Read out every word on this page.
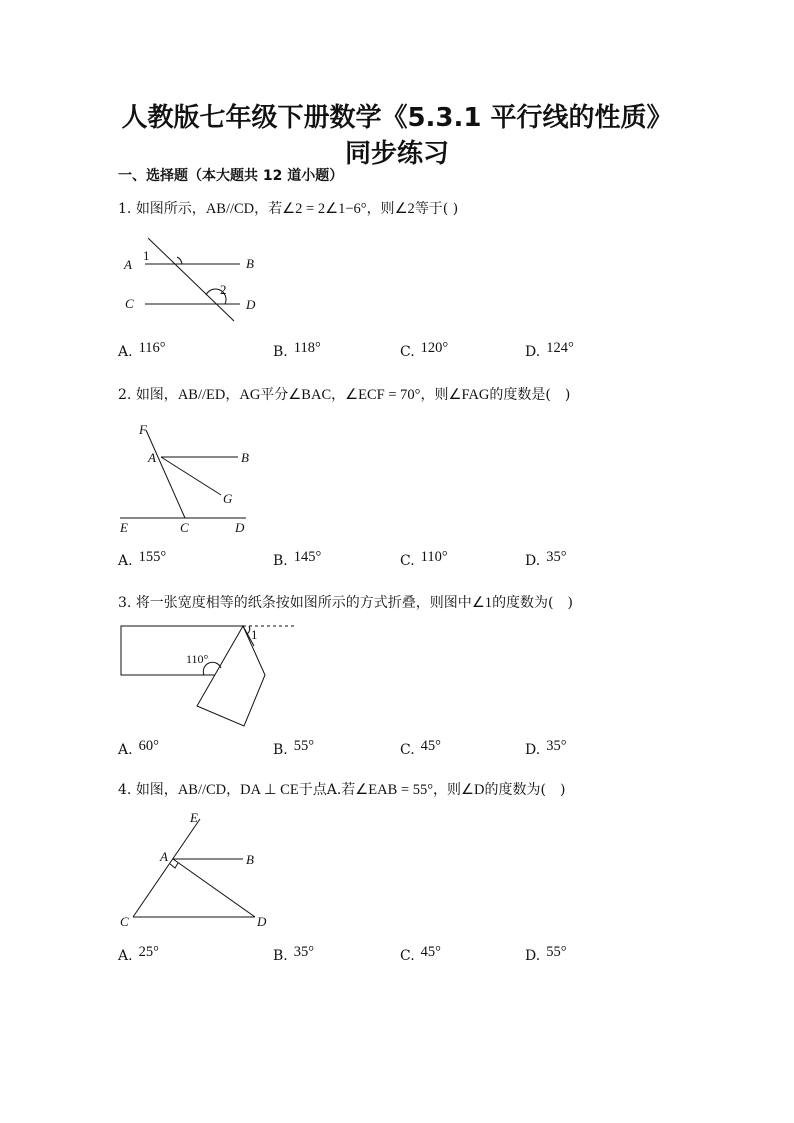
人教版七年级下册数学《5.3.1 平行线的性质》
同步练习
一、选择题（本大题共 12 道小题）
1. 如图所示，AB//CD，若∠2 = 2∠1−6°，则∠2等于( )
A	B
C	D
1
2
A. 116°	B. 118°	C. 120°	D. 124°
2. 如图，AB//ED，AG平分∠BAC，∠ECF = 70°，则∠FAG的度数是(　)
F
A	B
G
E	C	D
A. 155°	B. 145°	C. 110°	D. 35°
3. 将一张宽度相等的纸条按如图所示的方式折叠，则图中∠1的度数为(　)
110°
1
A. 60°	B. 55°	C. 45°	D. 35°
4. 如图，AB//CD，DA ⊥ CE于点A.若∠EAB = 55°，则∠D的度数为(　)
E
A	B
C	D
A. 25°	B. 35°	C. 45°	D. 55°
